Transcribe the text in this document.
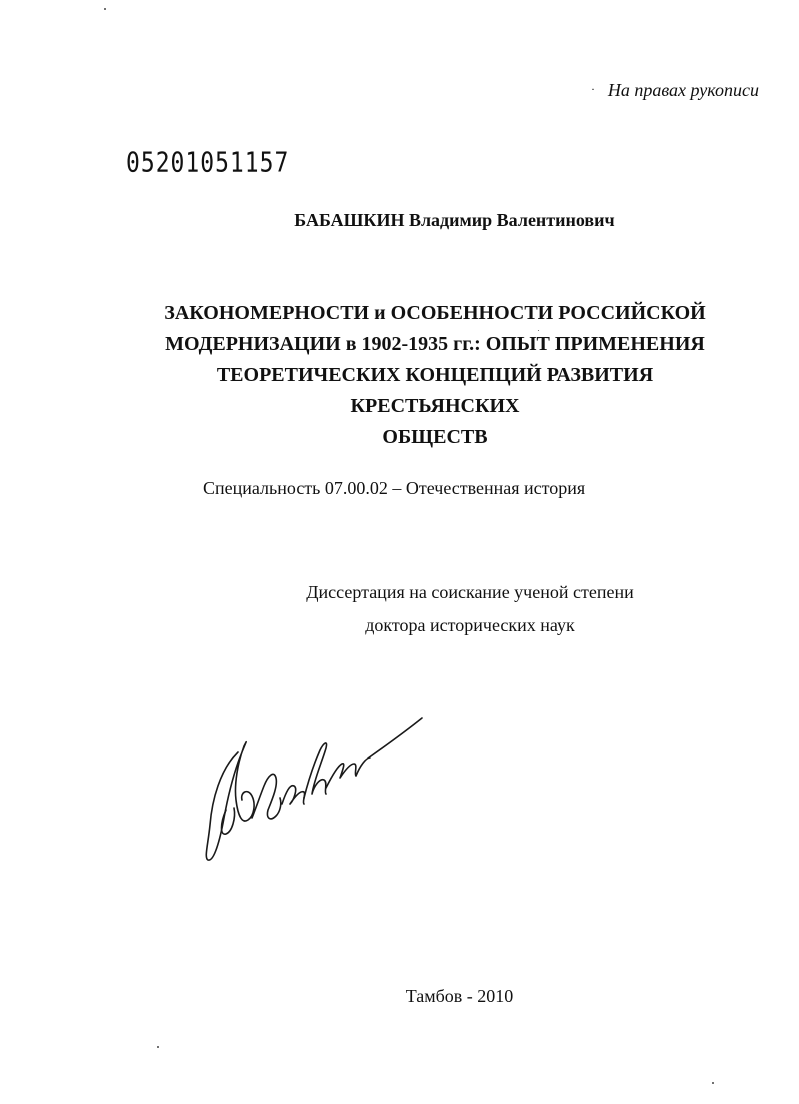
· На правах рукописи
05201051157
БАБАШКИН Владимир Валентинович
ЗАКОНОМЕРНОСТИ и ОСОБЕННОСТИ РОССИЙСКОЙ
МОДЕРНИЗАЦИИ в 1902-1935 гг.: ОПЫТ ПРИМЕНЕНИЯ
ТЕОРЕТИЧЕСКИХ КОНЦЕПЦИЙ РАЗВИТИЯ КРЕСТЬЯНСКИХ
ОБЩЕСТВ
Специальность 07.00.02 – Отечественная история
Диссертация на соискание ученой степени
доктора исторических наук
Тамбов - 2010
